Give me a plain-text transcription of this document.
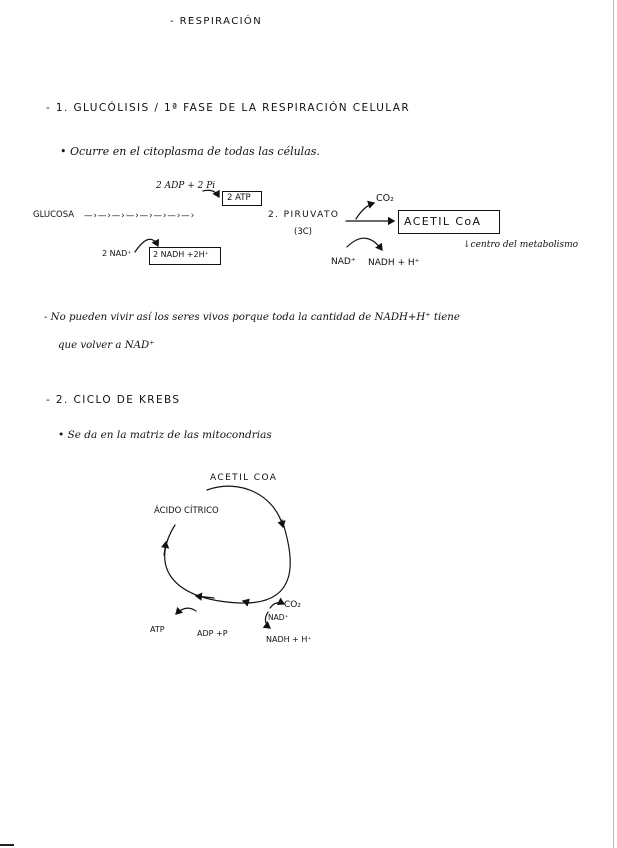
- RESPIRACIÓN
- 1. GLUCÓLISIS / 1ª FASE DE LA RESPIRACIÓN CELULAR
• Ocurre en el citoplasma de todas las células.
2 ADP + 2 Pi
2 ATP
GLUCOSA —›—›—›—›—›—›—›—›	2. PIRUVATO
(3C)
CO₂
ACETIL CoA
↓centro del metabolismo
2 NAD⁺	2 NADH +2H⁺
NAD⁺ NADH + H⁺
- No pueden vivir así los seres vivos porque toda la cantidad de NADH+H⁺ tiene
que volver a NAD⁺
- 2. CICLO DE KREBS
• Se da en la matriz de las mitocondrias
ACETIL COA
ÁCIDO CÍTRICO
CO₂
NAD⁺
NADH + H⁺
ATP	ADP +P
